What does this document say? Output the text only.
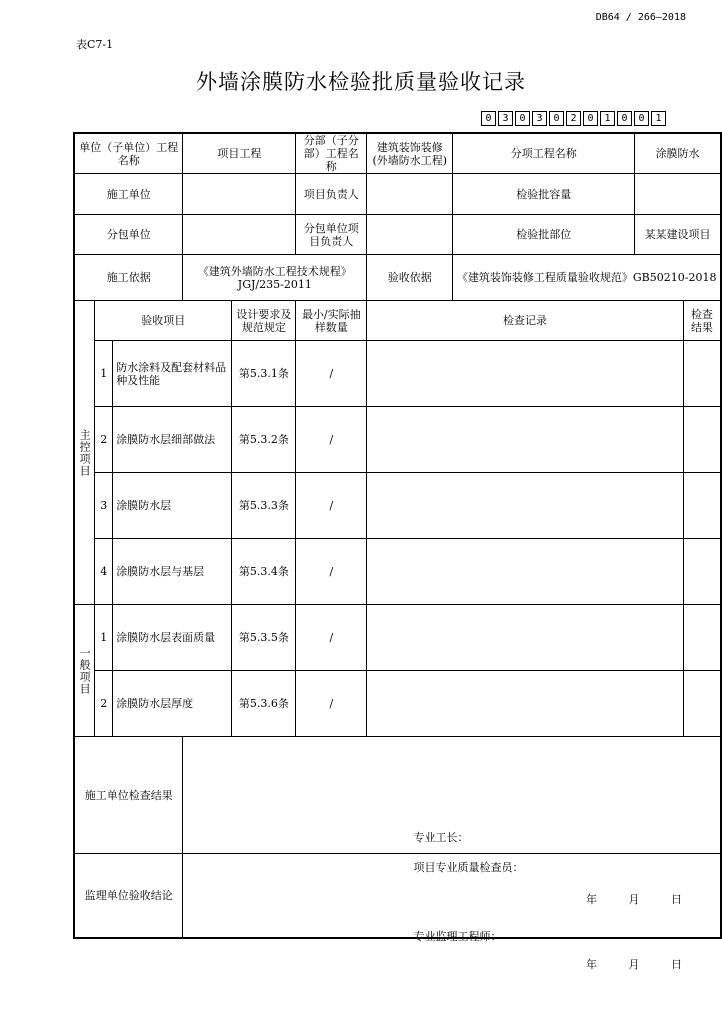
DB64 / 266—2018
表C7-1
外墙涂膜防水检验批质量验收记录
0	3	0	3	0	2	0	1	0	0	1
单位（子单位）工程名称			项目工程		分部（子分部）工程名称	建筑装饰装修(外墙防水工程)	分项工程名称	涂膜防水	
施工单位					项目负责人		检验批容量		
分包单位					分包单位项目负责人		检验批部位	某某建设项目	
施工依据			《建筑外墙防水工程技术规程》JGJ/235-2011			验收依据	《建筑装饰装修工程质量验收规范》GB50210-2018		
主控项目	验收项目			设计要求及规范规定	最小/实际抽样数量	检查记录			检查结果
	1	防水涂料及配套材料品种及性能		第5.3.1条	/				
	2	涂膜防水层细部做法		第5.3.2条	/				
	3	涂膜防水层		第5.3.3条	/				
	4	涂膜防水层与基层		第5.3.4条	/				
一般项目	1	涂膜防水层表面质量		第5.3.5条	/				
	2	涂膜防水层厚度		第5.3.6条	/				
施工单位检查结果			专业工长：
项目专业质量检查员：
年 月 日						

监理单位验收结论			专业监理工程师：
年 月 日						
